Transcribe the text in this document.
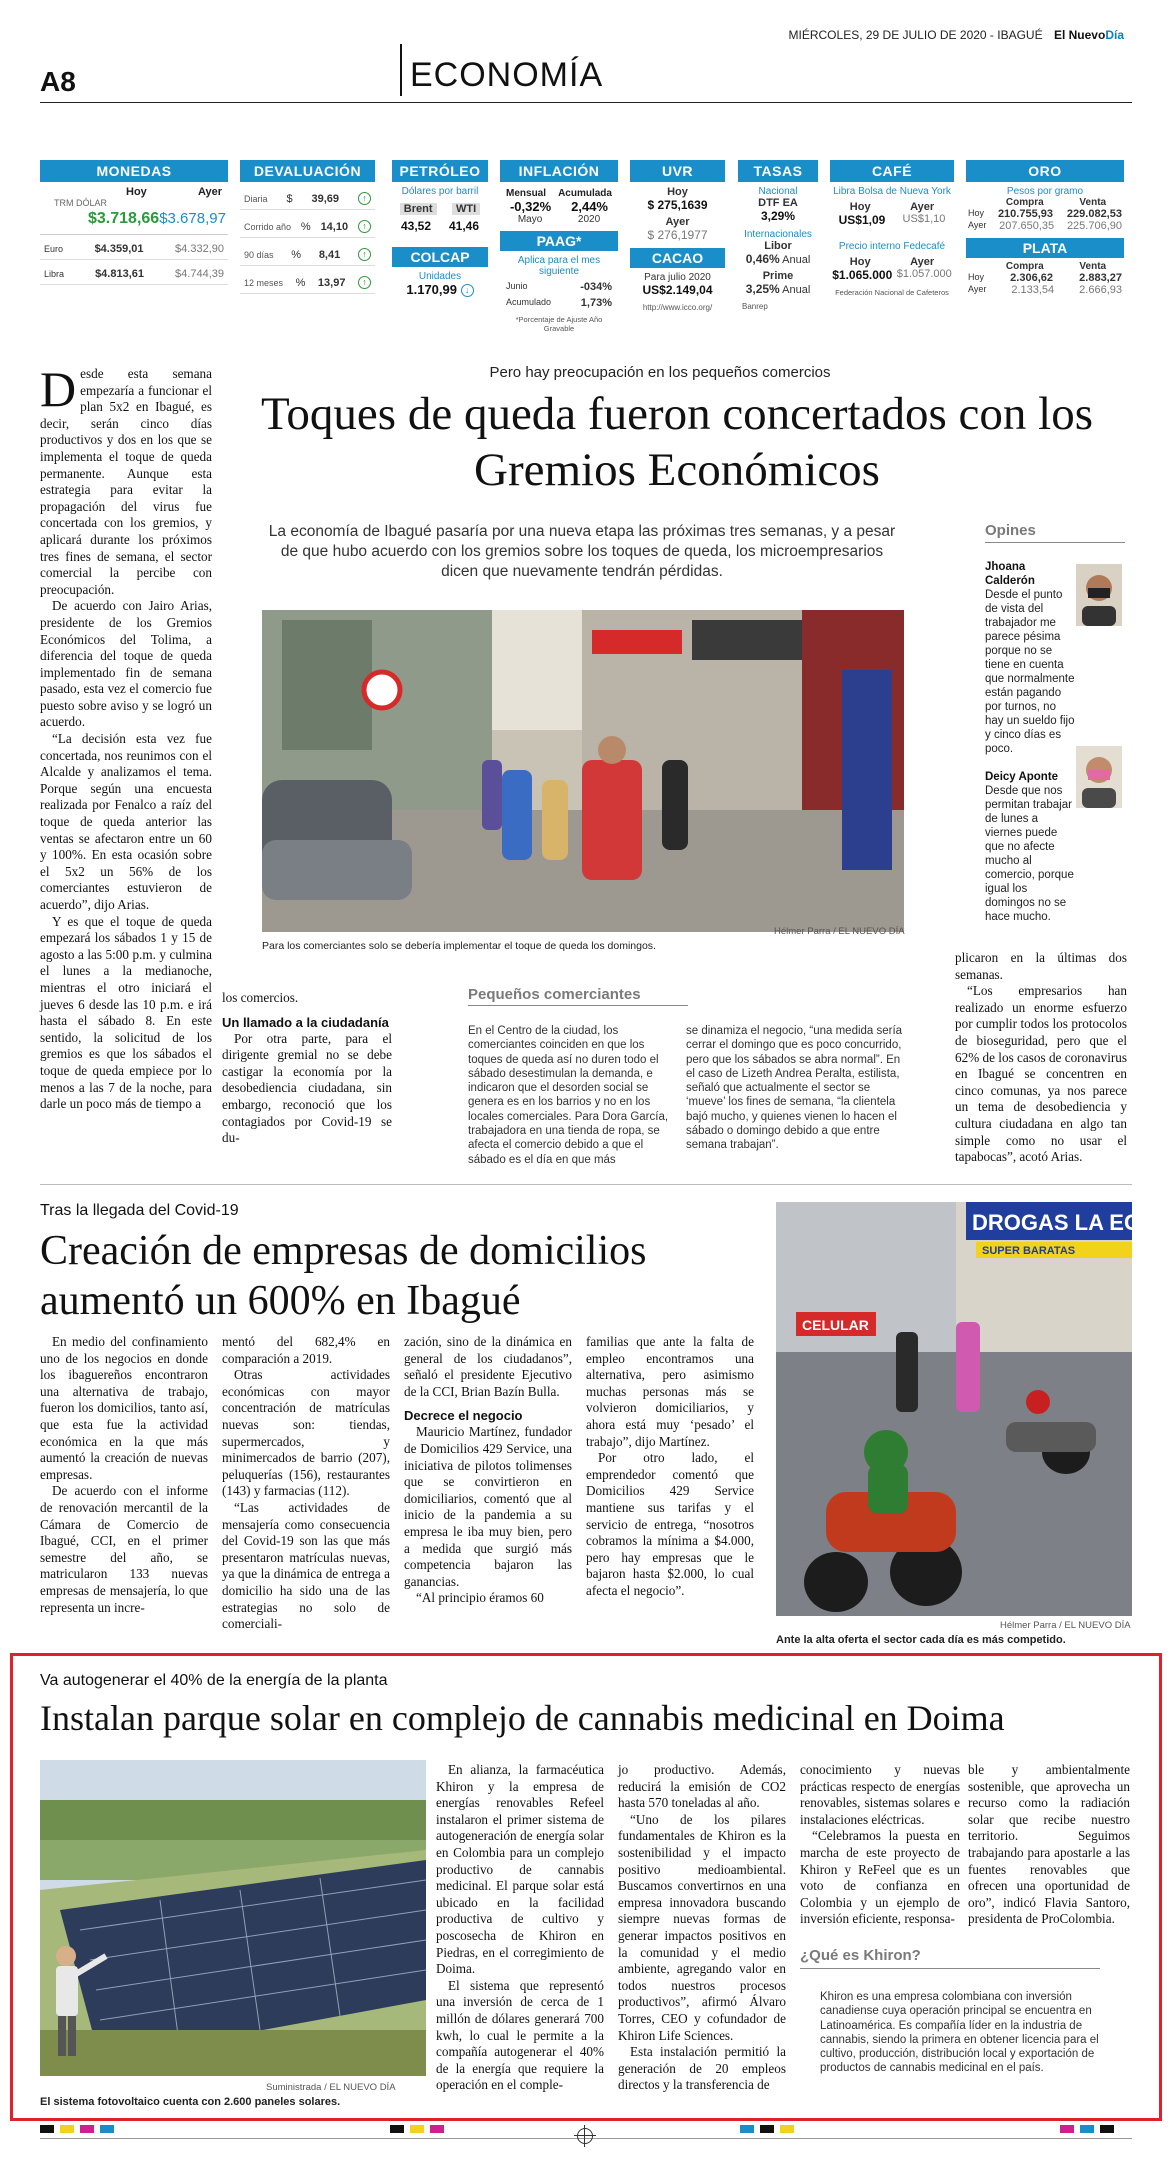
MIÉRCOLES, 29 DE JULIO DE 2020 - IBAGUÉ El NuevoDía
A8	ECONOMÍA
MONEDAS
Hoy	Ayer
TRM DÓLAR
$3.718,66 $3.678,97
Euro	$4.359,01	$4.332,90
Libra	$4.813,61	$4.744,39
DEVALUACIÓN
Diaria $ 39,69	↑
Corrido año % 14,10	↑
90 días % 8,41	↑
12 meses % 13,97	↑
PETRÓLEO
Dólares por barril
Brent	WTI
43,52 41,46
COLCAP
Unidades
1.170,99 ↓
INFLACIÓN
Mensual Acumulada
-0,32% 2,44%
Mayo	2020
PAAG*
Aplica para el mes siguiente
Junio	-034%
Acumulado	1,73%
*Porcentaje de Ajuste Año Gravable
UVR
Hoy
$ 275,1639
Ayer
$ 276,1977
CACAO
Para julio 2020
US$2.149,04
http://www.icco.org/
TASAS
Nacional
DTF EA
3,29%
Internacionales
Libor
0,46% Anual
Prime
3,25% Anual
Banrep
CAFÉ
Libra Bolsa de Nueva York
Hoy	Ayer
US$1,09 US$1,10
Precio interno Fedecafé
Hoy	Ayer
$1.065.000 $1.057.000
Federación Nacional de Cafeteros
ORO
Pesos por gramo
Compra	Venta
Hoy 210.755,93 229.082,53
Ayer 207.650,35 225.706,90
PLATA
Compra	Venta
Hoy 2.306,62 2.883,27
Ayer 2.133,54 2.666,93

Desde esta semana empezaría a funcionar el plan 5x2 en Ibagué, es decir, serán cinco días productivos y dos en los que se implementa el toque de queda permanente. Aunque esta estrategia para evitar la propagación del virus fue concertada con los gremios, y aplicará durante los próximos tres fines de semana, el sector comercial la percibe con preocupación.

De acuerdo con Jairo Arias, presidente de los Gremios Económicos del Tolima, a diferencia del toque de queda implementado fin de semana pasado, esta vez el comercio fue puesto sobre aviso y se logró un acuerdo.

“La decisión esta vez fue concertada, nos reunimos con el Alcalde y analizamos el tema. Porque según una encuesta realizada por Fenalco a raíz del toque de queda anterior las ventas se afectaron entre un 60 y 100%. En esta ocasión sobre el 5x2 un 56% de los comerciantes estuvieron de acuerdo”, dijo Arias.

Y es que el toque de queda empezará los sábados 1 y 15 de agosto a las 5:00 p.m. y culmina el lunes a la medianoche, mientras el otro iniciará el jueves 6 desde las 10 p.m. e irá hasta el sábado 8. En este sentido, la solicitud de los gremios es que los sábados el toque de queda empiece por lo menos a las 7 de la noche, para darle un poco más de tiempo a

Pero hay preocupación en los pequeños comercios
Toques de queda fueron concertados con los Gremios Económicos
La economía de Ibagué pasaría por una nueva etapa las próximas tres semanas, y a pesar de que hubo acuerdo con los gremios sobre los toques de queda, los microempresarios dicen que nuevamente tendrán pérdidas.
Para los comerciantes solo se debería implementar el toque de queda los domingos.
Hélmer Parra / EL NUEVO DÍA
Opines
Jhoana Calderón
Desde el punto de vista del trabajador me parece pésima porque no se tiene en cuenta que normalmente están pagando por turnos, no hay un sueldo fijo y cinco días es poco.
Deicy Aponte
Desde que nos permitan trabajar de lunes a viernes puede que no afecte mucho al comercio, porque igual los domingos no se hace mucho.

los comercios.

Un llamado a la ciudadanía

Por otra parte, para el dirigente gremial no se debe castigar la economía por la desobediencia ciudadana, sin embargo, reconoció que los contagiados por Covid-19 se du-

Pequeños comerciantes
En el Centro de la ciudad, los comerciantes coinciden en que los toques de queda así no duren todo el sábado desestimulan la demanda, e indicaron que el desorden social se genera es en los barrios y no en los locales comerciales. Para Dora García, trabajadora en una tienda de ropa, se afecta el comercio debido a que el sábado es el día en que más
se dinamiza el negocio, “una medida sería cerrar el domingo que es poco concurrido, pero que los sábados se abra normal”. En el caso de Lizeth Andrea Peralta, estilista, señaló que actualmente el sector se ‘mueve’ los fines de semana, “la clientela bajó mucho, y quienes vienen lo hacen el sábado o domingo debido a que entre semana trabajan”.

plicaron en la últimas dos semanas.

“Los empresarios han realizado un enorme esfuerzo por cumplir todos los protocolos de bioseguridad, pero que el 62% de los casos de coronavirus en Ibagué se concentren en cinco comunas, ya nos parece un tema de desobediencia y cultura ciudadana en algo tan simple como no usar el tapabocas”, acotó Arias.

Tras la llegada del Covid-19
Creación de empresas de domicilios aumentó un 600% en Ibagué

En medio del confinamiento uno de los negocios en donde los ibaguereños encontraron una alternativa de trabajo, fueron los domicilios, tanto así, que esta fue la actividad económica en la que más aumentó la creación de nuevas empresas.

De acuerdo con el informe de renovación mercantil de la Cámara de Comercio de Ibagué, CCI, en el primer semestre del año, se matricularon 133 nuevas empresas de mensajería, lo que representa un incre-

mentó del 682,4% en comparación a 2019.

Otras actividades económicas con mayor concentración de matrículas nuevas son: tiendas, supermercados, y minimercados de barrio (207), peluquerías (156), restaurantes (143) y farmacias (112).

“Las actividades de mensajería como consecuencia del Covid-19 son las que más presentaron matrículas nuevas, ya que la dinámica de entrega a domicilio ha sido una de las estrategias no solo de comerciali-

zación, sino de la dinámica en general de los ciudadanos”, señaló el presidente Ejecutivo de la CCI, Brian Bazín Bulla.

Decrece el negocio

Mauricio Martínez, fundador de Domicilios 429 Service, una iniciativa de pilotos tolimenses que se convirtieron en domiciliarios, comentó que al inicio de la pandemia a su empresa le iba muy bien, pero a medida que surgió más competencia bajaron las ganancias.

“Al principio éramos 60

familias que ante la falta de empleo encontramos una alternativa, pero asimismo muchas personas más se volvieron domiciliarios, y ahora está muy ‘pesado’ el trabajo”, dijo Martínez.

Por otro lado, el emprendedor comentó que Domicilios 429 Service mantiene sus tarifas y el servicio de entrega, “nosotros cobramos la mínima a $4.000, pero hay empresas que le bajaron hasta $2.000, lo cual afecta el negocio”.

DROGAS LA ECO
SUPER BARATAS
CELULAR
Hélmer Parra / EL NUEVO DÍA
Ante la alta oferta el sector cada día es más competido.
Va autogenerar el 40% de la energía de la planta
Instalan parque solar en complejo de cannabis medicinal en Doima
Suministrada / EL NUEVO DÍA
El sistema fotovoltaico cuenta con 2.600 paneles solares.

En alianza, la farmacéutica Khiron y la empresa de energías renovables Refeel instalaron el primer sistema de autogeneración de energía solar en Colombia para un complejo productivo de cannabis medicinal. El parque solar está ubicado en la facilidad productiva de cultivo y poscosecha de Khiron en Piedras, en el corregimiento de Doima.

El sistema que representó una inversión de cerca de 1 millón de dólares generará 700 kwh, lo cual le permite a la compañía autogenerar el 40% de la energía que requiere la operación en el comple-

jo productivo. Además, reducirá la emisión de CO2 hasta 570 toneladas al año.

“Uno de los pilares fundamentales de Khiron es la sostenibilidad y el impacto positivo medioambiental. Buscamos convertirnos en una empresa innovadora buscando siempre nuevas formas de generar impactos positivos en la comunidad y el medio ambiente, agregando valor en todos nuestros procesos productivos”, afirmó Álvaro Torres, CEO y cofundador de Khiron Life Sciences.

Esta instalación permitió la generación de 20 empleos directos y la transferencia de

conocimiento y nuevas prácticas respecto de energías renovables, sistemas solares e instalaciones eléctricas.

“Celebramos la puesta en marcha de este proyecto de Khiron y ReFeel que es un voto de confianza en Colombia y un ejemplo de inversión eficiente, responsa-

ble y ambientalmente sostenible, que aprovecha un recurso como la radiación solar que recibe nuestro territorio. Seguimos trabajando para apostarle a las fuentes renovables que ofrecen una oportunidad de oro”, indicó Flavia Santoro, presidenta de ProColombia.

¿Qué es Khiron?
Khiron es una empresa colombiana con inversión canadiense cuya operación principal se encuentra en Latinoamérica. Es compañía líder en la industria de cannabis, siendo la primera en obtener licencia para el cultivo, producción, distribución local y exportación de productos de cannabis medicinal en el país.
